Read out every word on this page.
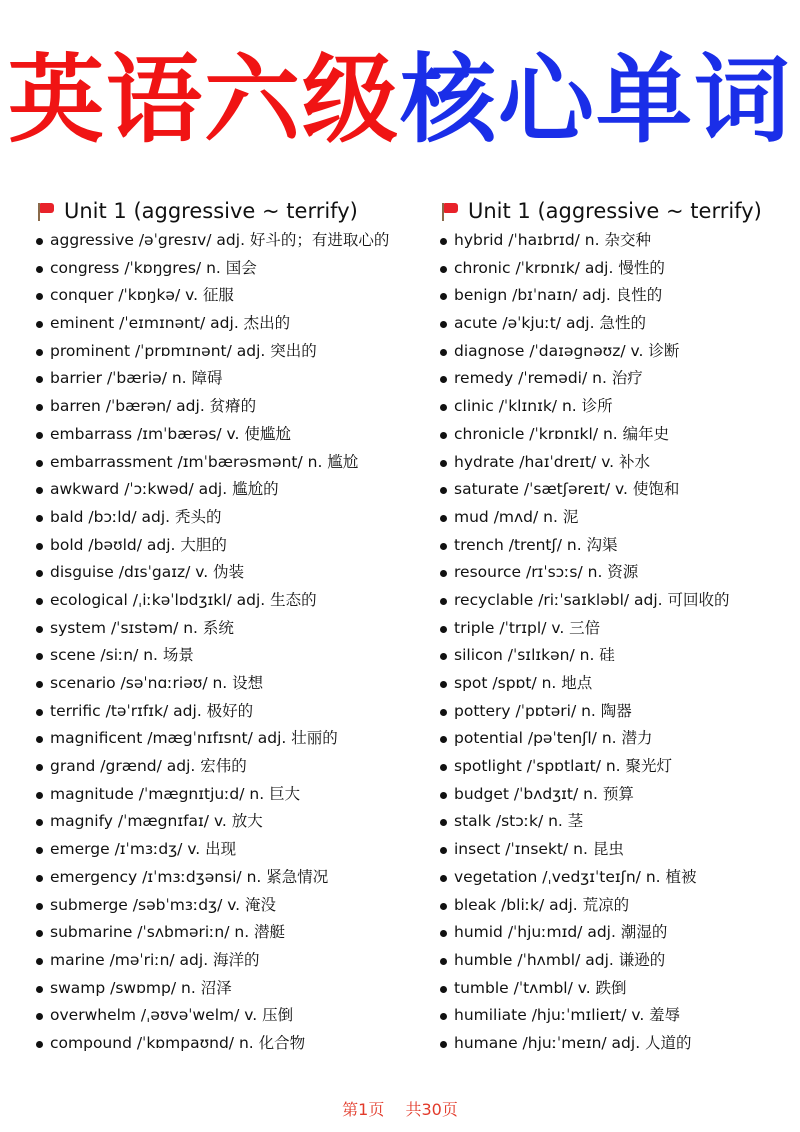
英语六级核心单词
Unit 1 (aggressive ~ terrify)
aggressive /əˈgresɪv/ adj. 好斗的；有进取心的
congress /ˈkɒŋgres/ n. 国会
conquer /ˈkɒŋkə/ v. 征服
eminent /ˈeɪmɪnənt/ adj. 杰出的
prominent /ˈprɒmɪnənt/ adj. 突出的
barrier /ˈbæriə/ n. 障碍
barren /ˈbærən/ adj. 贫瘠的
embarrass /ɪmˈbærəs/ v. 使尴尬
embarrassment /ɪmˈbærəsmənt/ n. 尴尬
awkward /ˈɔːkwəd/ adj. 尴尬的
bald /bɔːld/ adj. 秃头的
bold /bəʊld/ adj. 大胆的
disguise /dɪsˈgaɪz/ v. 伪装
ecological /ˌiːkəˈlɒdʒɪkl/ adj. 生态的
system /ˈsɪstəm/ n. 系统
scene /siːn/ n. 场景
scenario /səˈnɑːriəʊ/ n. 设想
terrific /təˈrɪfɪk/ adj. 极好的
magnificent /mægˈnɪfɪsnt/ adj. 壮丽的
grand /grænd/ adj. 宏伟的
magnitude /ˈmægnɪtjuːd/ n. 巨大
magnify /ˈmægnɪfaɪ/ v. 放大
emerge /ɪˈmɜːdʒ/ v. 出现
emergency /ɪˈmɜːdʒənsi/ n. 紧急情况
submerge /səbˈmɜːdʒ/ v. 淹没
submarine /ˈsʌbməriːn/ n. 潜艇
marine /məˈriːn/ adj. 海洋的
swamp /swɒmp/ n. 沼泽
overwhelm /ˌəʊvəˈwelm/ v. 压倒
compound /ˈkɒmpaʊnd/ n. 化合物
Unit 1 (aggressive ~ terrify)
hybrid /ˈhaɪbrɪd/ n. 杂交种
chronic /ˈkrɒnɪk/ adj. 慢性的
benign /bɪˈnaɪn/ adj. 良性的
acute /əˈkjuːt/ adj. 急性的
diagnose /ˈdaɪəgnəʊz/ v. 诊断
remedy /ˈremədi/ n. 治疗
clinic /ˈklɪnɪk/ n. 诊所
chronicle /ˈkrɒnɪkl/ n. 编年史
hydrate /haɪˈdreɪt/ v. 补水
saturate /ˈsætʃəreɪt/ v. 使饱和
mud /mʌd/ n. 泥
trench /trentʃ/ n. 沟渠
resource /rɪˈsɔːs/ n. 资源
recyclable /riːˈsaɪkləbl/ adj. 可回收的
triple /ˈtrɪpl/ v. 三倍
silicon /ˈsɪlɪkən/ n. 硅
spot /spɒt/ n. 地点
pottery /ˈpɒtəri/ n. 陶器
potential /pəˈtenʃl/ n. 潜力
spotlight /ˈspɒtlaɪt/ n. 聚光灯
budget /ˈbʌdʒɪt/ n. 预算
stalk /stɔːk/ n. 茎
insect /ˈɪnsekt/ n. 昆虫
vegetation /ˌvedʒɪˈteɪʃn/ n. 植被
bleak /bliːk/ adj. 荒凉的
humid /ˈhjuːmɪd/ adj. 潮湿的
humble /ˈhʌmbl/ adj. 谦逊的
tumble /ˈtʌmbl/ v. 跌倒
humiliate /hjuːˈmɪlieɪt/ v. 羞辱
humane /hjuːˈmeɪn/ adj. 人道的
第1页 共30页
